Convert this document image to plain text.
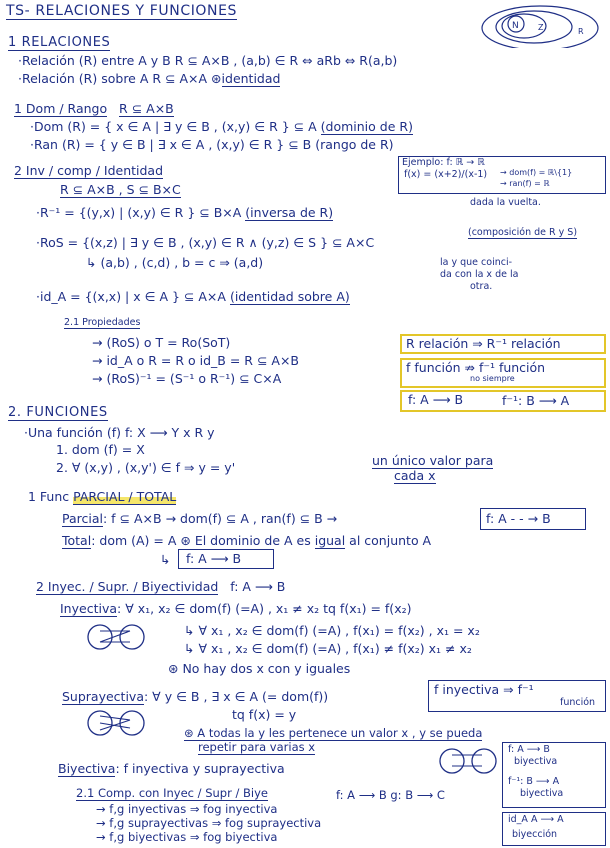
TS- RELACIONES Y FUNCIONES
N Z	R
1 RELACIONES
·Relación (R) entre A y B R ⊆ A×B , (a,b) ∈ R ⇔ aRb ⇔ R(a,b)
·Relación (R) sobre A R ⊆ A×A ⊛identidad
1 Dom / Rango R ⊆ A×B
·Dom (R) = { x ∈ A | ∃ y ∈ B , (x,y) ∈ R } ⊆ A (dominio de R)
·Ran (R) = { y ∈ B | ∃ x ∈ A , (x,y) ∈ R } ⊆ B (rango de R)
Ejemplo: f: ℝ → ℝ
f(x) = (x+2)/(x-1) → dom(f) = ℝ\{1}
→ ran(f) = ℝ
2 Inv / comp / Identidad
R ⊆ A×B , S ⊆ B×C
·R⁻¹ = {(y,x) | (x,y) ∈ R } ⊆ B×A (inversa de R)
dada la vuelta.
·RoS = {(x,z) | ∃ y ∈ B , (x,y) ∈ R ∧ (y,z) ∈ S } ⊆ A×C
(composición de R y S)
↳ (a,b) , (c,d) , b = c ⇒ (a,d)	la y que coinci-
da con la x de la
otra.
·id_A = {(x,x) | x ∈ A } ⊆ A×A (identidad sobre A)
2.1 Propiedades
→ (RoS) o T = Ro(SoT)
→ id_A o R = R o id_B = R ⊆ A×B
→ (RoS)⁻¹ = (S⁻¹ o R⁻¹) ⊆ C×A
R relación ⇒ R⁻¹ relación
f función ⇏ f⁻¹ función
no siempre
f: A ⟶ B	f⁻¹: B ⟶ A
2. FUNCIONES
·Una función (f) f: X ⟶ Y x R y
1. dom (f) = X
2. ∀ (x,y) , (x,y') ∈ f ⇒ y = y'	un único valor para
cada x
1 Func PARCIAL / TOTAL
Parcial: f ⊆ A×B → dom(f) ⊆ A , ran(f) ⊆ B →	f: A - - → B
Total: dom (A) = A ⊛ El dominio de A es igual al conjunto A
↳ f: A ⟶ B
2 Inyec. / Supr. / Biyectividad f: A ⟶ B
Inyectiva: ∀ x₁, x₂ ∈ dom(f) (=A) , x₁ ≠ x₂ tq f(x₁) = f(x₂)
↳ ∀ x₁ , x₂ ∈ dom(f) (=A) , f(x₁) = f(x₂) , x₁ = x₂
↳ ∀ x₁ , x₂ ∈ dom(f) (=A) , f(x₁) ≠ f(x₂) x₁ ≠ x₂
⊛ No hay dos x con y iguales
Suprayectiva: ∀ y ∈ B , ∃ x ∈ A (= dom(f))
tq f(x) = y
f inyectiva ⇒ f⁻¹
función
⊛ A todas la y les pertenece un valor x , y se pueda
repetir para varias x
Biyectiva: f inyectiva y suprayectiva
f: A ⟶ B
biyectiva
f⁻¹: B ⟶ A
biyectiva
2.1 Comp. con Inyec / Supr / Biye	f: A ⟶ B g: B ⟶ C
→ f,g inyectivas ⇒ fog inyectiva
→ f,g suprayectivas ⇒ fog suprayectiva
→ f,g biyectivas ⇒ fog biyectiva
id_A A ⟶ A
biyección
